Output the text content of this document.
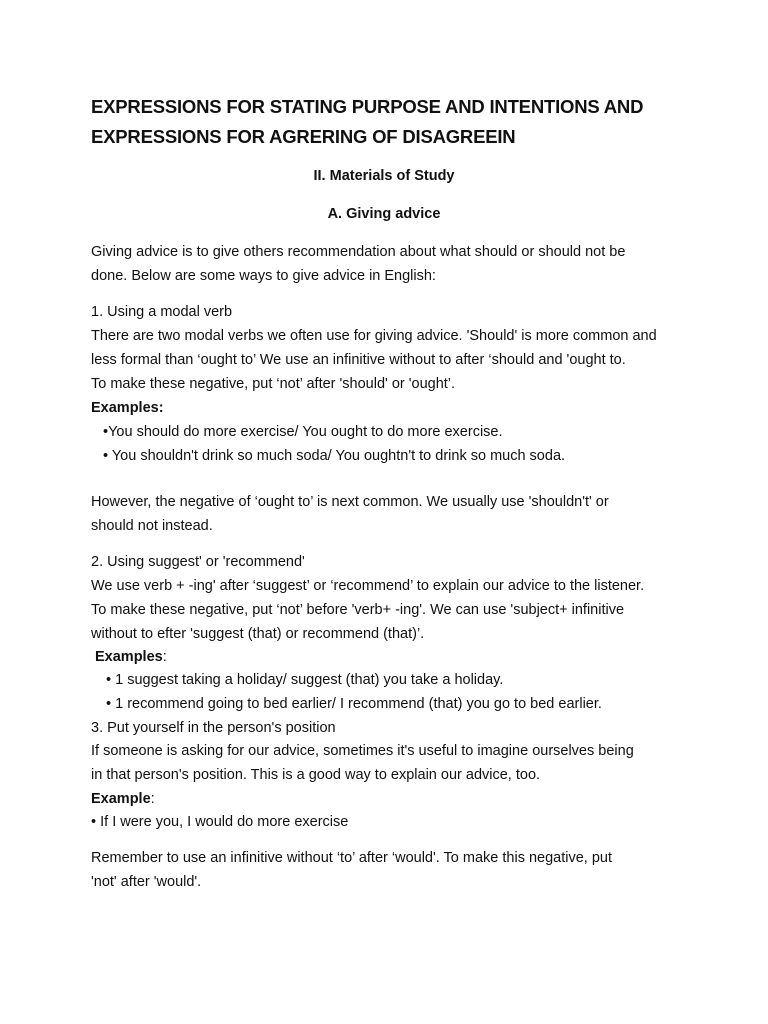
EXPRESSIONS FOR STATING PURPOSE AND INTENTIONS AND
EXPRESSIONS FOR AGRERING OF DISAGREEIN
II. Materials of Study
A. Giving advice
Giving advice is to give others recommendation about what should or should not be
done. Below are some ways to give advice in English:
1. Using a modal verb
There are two modal verbs we often use for giving advice. 'Should' is more common and
less formal than ‘ought to’ We use an infinitive without to after ‘should and 'ought to.
To make these negative, put ‘not’ after 'should' or 'ought’.
Examples:
•You should do more exercise/ You ought to do more exercise.
• You shouldn't drink so much soda/ You oughtn't to drink so much soda.
However, the negative of ‘ought to’ is next common. We usually use 'shouldn't' or
should not instead.
2. Using suggest' or 'recommend'
We use verb + -ing' after ‘suggest’ or ‘recommend’ to explain our advice to the listener.
To make these negative, put ‘not’ before 'verb+ -ing'. We can use 'subject+ infinitive
without to efter 'suggest (that) or recommend (that)’.
Examples:
• 1 suggest taking a holiday/ suggest (that) you take a holiday.
• 1 recommend going to bed earlier/ I recommend (that) you go to bed earlier.
3. Put yourself in the person's position
If someone is asking for our advice, sometimes it's useful to imagine ourselves being
in that person's position. This is a good way to explain our advice, too.
Example:
• If I were you, I would do more exercise
Remember to use an infinitive without ‘to’ after ‘would'. To make this negative, put
'not' after 'would'.
